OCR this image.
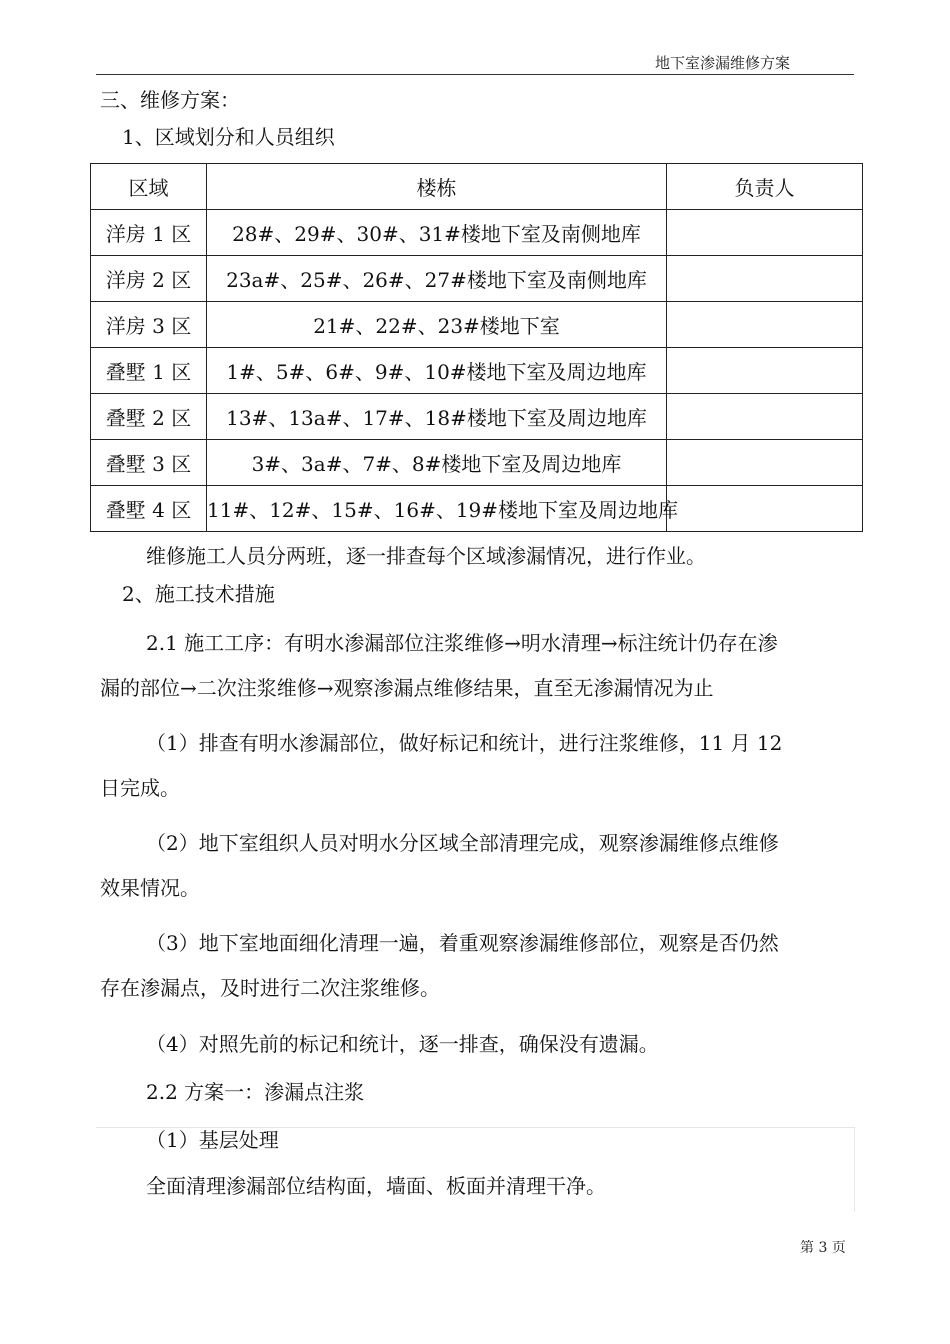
地下室渗漏维修方案
三、维修方案：
1、区域划分和人员组织
区域	楼栋	负责人
洋房 1 区	28#、29#、30#、31#楼地下室及南侧地库	
洋房 2 区	23a#、25#、26#、27#楼地下室及南侧地库	
洋房 3 区	21#、22#、23#楼地下室	
叠墅 1 区	1#、5#、6#、9#、10#楼地下室及周边地库	
叠墅 2 区	13#、13a#、17#、18#楼地下室及周边地库	
叠墅 3 区	3#、3a#、7#、8#楼地下室及周边地库	
叠墅 4 区	11#、12#、15#、16#、19#楼地下室及周边地库	
维修施工人员分两班，逐一排查每个区域渗漏情况，进行作业。
2、施工技术措施
2.1 施工工序：有明水渗漏部位注浆维修→明水清理→标注统计仍存在渗
漏的部位→二次注浆维修→观察渗漏点维修结果，直至无渗漏情况为止
（1）排查有明水渗漏部位，做好标记和统计，进行注浆维修，11 月 12
日完成。
（2）地下室组织人员对明水分区域全部清理完成，观察渗漏维修点维修
效果情况。
（3）地下室地面细化清理一遍，着重观察渗漏维修部位，观察是否仍然
存在渗漏点，及时进行二次注浆维修。
（4）对照先前的标记和统计，逐一排查，确保没有遗漏。
2.2 方案一：渗漏点注浆
（1）基层处理
全面清理渗漏部位结构面，墙面、板面并清理干净。
第 3 页
